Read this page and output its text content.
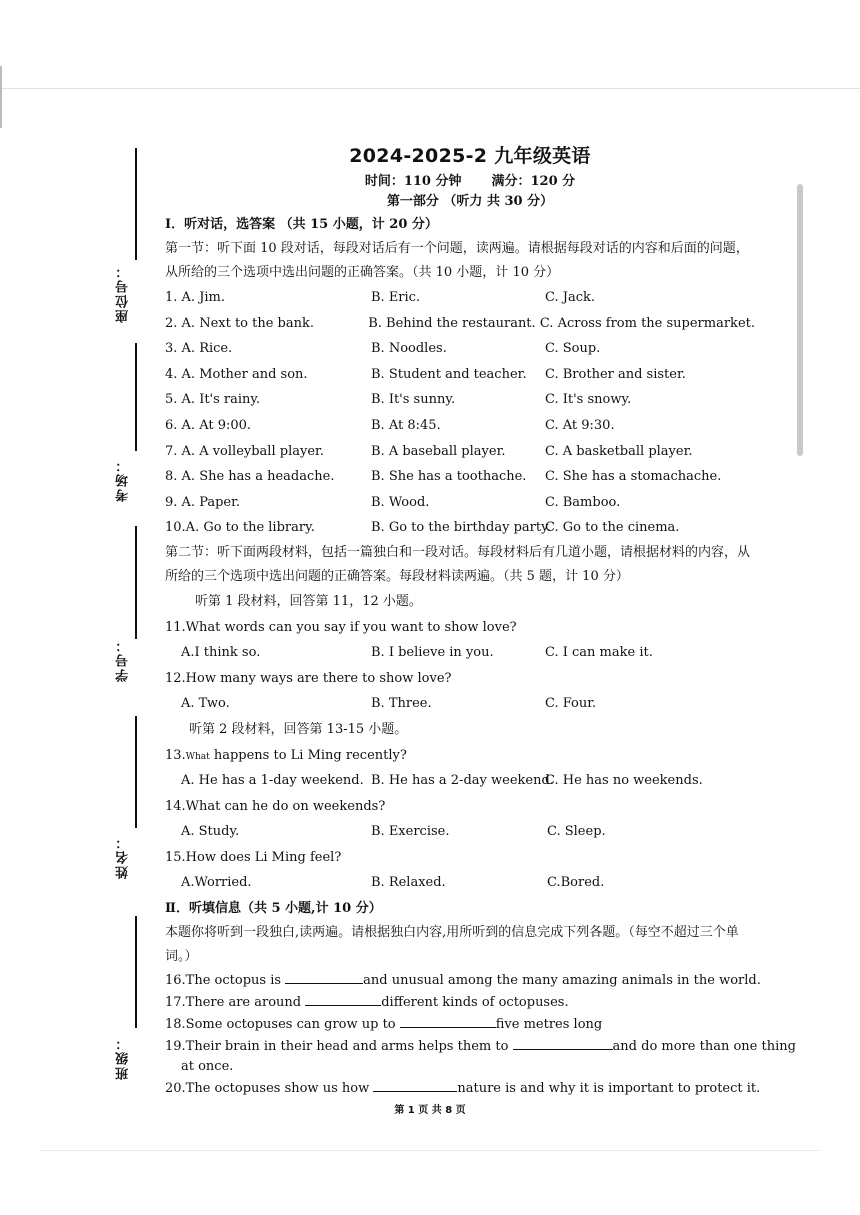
座位号：
考场：
学号：
姓名：
班级：
2024-2025-2 九年级英语
时间：110 分钟 满分：120 分
第一部分 （听力 共 30 分）
Ⅰ．听对话，选答案 （共 15 小题，计 20 分）
第一节：听下面 10 段对话，每段对话后有一个问题，读两遍。请根据每段对话的内容和后面的问题，从所给的三个选项中选出问题的正确答案。（共 10 小题，计 10 分）
1. A. Jim.	B. Eric.	C. Jack.
2. A. Next to the bank.	B. Behind the restaurant. C. Across from the supermarket.
3. A. Rice.	B. Noodles.	C. Soup.
4. A. Mother and son.	B. Student and teacher.	C. Brother and sister.
5. A. It's rainy.	B. It's sunny.	C. It's snowy.
6. A. At 9:00.	B. At 8:45.	C. At 9:30.
7. A. A volleyball player.	B. A baseball player.	C. A basketball player.
8. A. She has a headache.	B. She has a toothache.	C. She has a stomachache.
9. A. Paper.	B. Wood.	C. Bamboo.
10.A. Go to the library.	B. Go to the birthday party.
C. Go to the cinema.
第二节：听下面两段材料，包括一篇独白和一段对话。每段材料后有几道小题，请根据材料的内容，从所给的三个选项中选出问题的正确答案。每段材料读两遍。（共 5 题，计 10 分）
听第 1 段材料，回答第 11，12 小题。
11.What words can you say if you want to show love?
A.I think so.	B. I believe in you.	C. I can make it.
12.How many ways are there to show love?
A. Two.	B. Three.	C. Four.
听第 2 段材料，回答第 13-15 小题。
13.What happens to Li Ming recently?
A. He has a 1-day weekend. B. He has a 2-day weekend.
C. He has no weekends.
14.What can he do on weekends?
A. Study.	B. Exercise.	C. Sleep.
15.How does Li Ming feel?
A.Worried.	B. Relaxed.	C.Bored.
Ⅱ．听填信息（共 5 小题,计 10 分）
本题你将听到一段独白,读两遍。请根据独白内容,用所听到的信息完成下列各题。（每空不超过三个单词。）
16.The octopus is	and unusual among the many amazing animals in the world.
17.There are around	different kinds of octopuses.
18.Some octopuses can grow up to	five metres long
19.Their brain in their head and arms helps them to	and do more than one thing
at once.
20.The octopuses show us how	nature is and why it is important to protect it.
第 1 页 共 8 页
